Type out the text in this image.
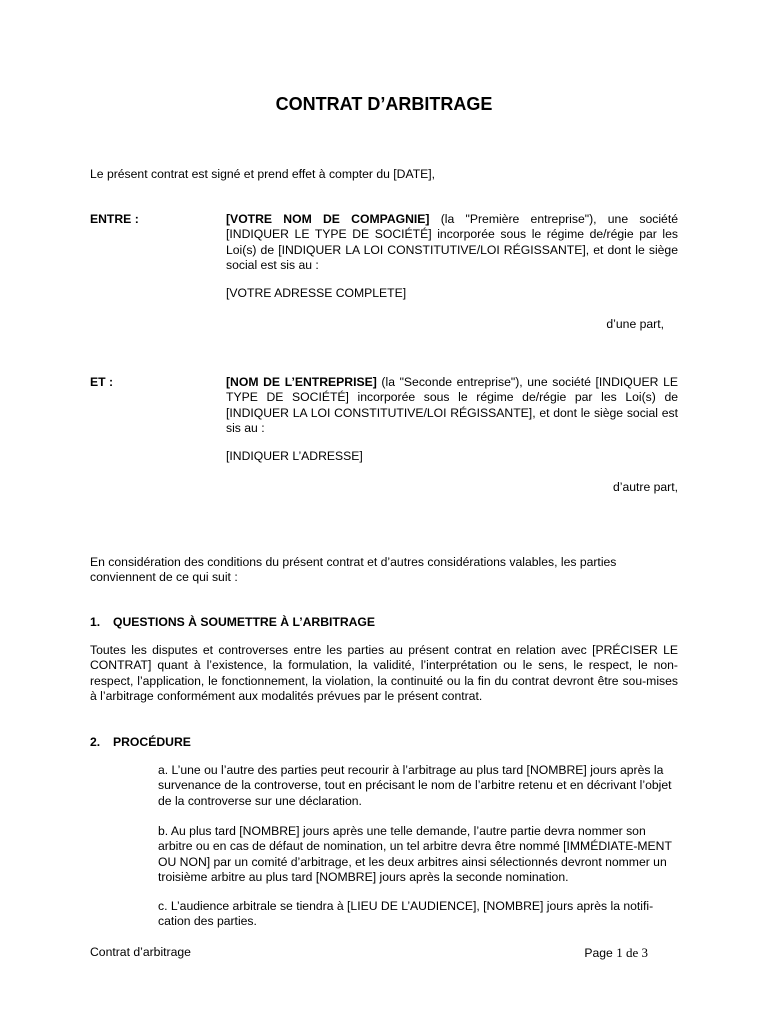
CONTRAT D’ARBITRAGE
Le présent contrat est signé et prend effet à compter du [DATE],
ENTRE :	[VOTRE NOM DE COMPAGNIE] (la "Première entreprise"), une société [INDIQUER LE TYPE DE SOCIÉTÉ] incorporée sous le régime de/régie par les Loi(s) de [INDIQUER LA LOI CONSTITUTIVE/LOI RÉGISSANTE], et dont le siège social est sis au :
[VOTRE ADRESSE COMPLETE]
d’une part,
ET :	[NOM DE L’ENTREPRISE] (la "Seconde entreprise"), une société [INDIQUER LE TYPE DE SOCIÉTÉ] incorporée sous le régime de/régie par les Loi(s) de [INDIQUER LA LOI CONSTITUTIVE/LOI RÉGISSANTE], et dont le siège social est sis au :
[INDIQUER L’ADRESSE]
d’autre part,
En considération des conditions du présent contrat et d’autres considérations valables, les parties conviennent de ce qui suit :
1. QUESTIONS À SOUMETTRE À L’ARBITRAGE
Toutes les disputes et controverses entre les parties au présent contrat en relation avec [PRÉCISER LE CONTRAT] quant à l’existence, la formulation, la validité, l’interprétation ou le sens, le respect, le non-respect, l’application, le fonctionnement, la violation, la continuité ou la fin du contrat devront être sou-mises à l’arbitrage conformément aux modalités prévues par le présent contrat.
2. PROCÉDURE
a. L’une ou l’autre des parties peut recourir à l’arbitrage au plus tard [NOMBRE] jours après la survenance de la controverse, tout en précisant le nom de l’arbitre retenu et en décrivant l’objet de la controverse sur une déclaration.
b. Au plus tard [NOMBRE] jours après une telle demande, l’autre partie devra nommer son arbitre ou en cas de défaut de nomination, un tel arbitre devra être nommé [IMMÉDIATE-MENT OU NON] par un comité d’arbitrage, et les deux arbitres ainsi sélectionnés devront nommer un troisième arbitre au plus tard [NOMBRE] jours après la seconde nomination.
c. L’audience arbitrale se tiendra à [LIEU DE L’AUDIENCE], [NOMBRE] jours après la notifi-cation des parties.
Contrat d’arbitrage	Page 1 de 3
